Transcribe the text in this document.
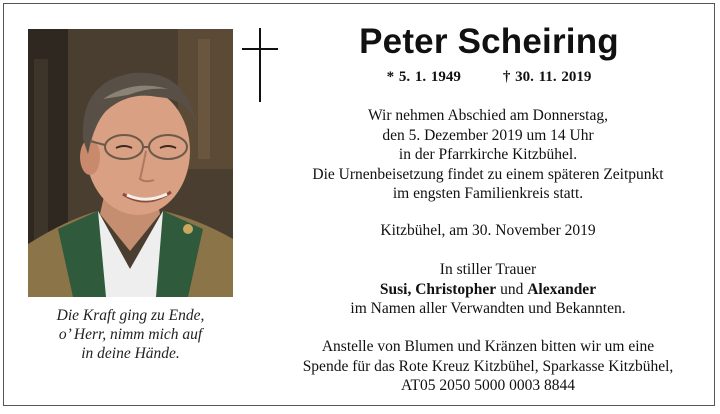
Die Kraft ging zu Ende,
o’ Herr, nimm mich auf
in deine Hände.
Peter Scheiring
* 5. 1. 1949	† 30. 11. 2019
Wir nehmen Abschied am Donnerstag,
den 5. Dezember 2019 um 14 Uhr
in der Pfarrkirche Kitzbühel.
Die Urnenbeisetzung findet zu einem späteren Zeitpunkt
im engsten Familienkreis statt.
Kitzbühel, am 30. November 2019
In stiller Trauer
Susi, Christopher und Alexander
im Namen aller Verwandten und Bekannten.
Anstelle von Blumen und Kränzen bitten wir um eine
Spende für das Rote Kreuz Kitzbühel, Sparkasse Kitzbühel,
AT05 2050 5000 0003 8844
